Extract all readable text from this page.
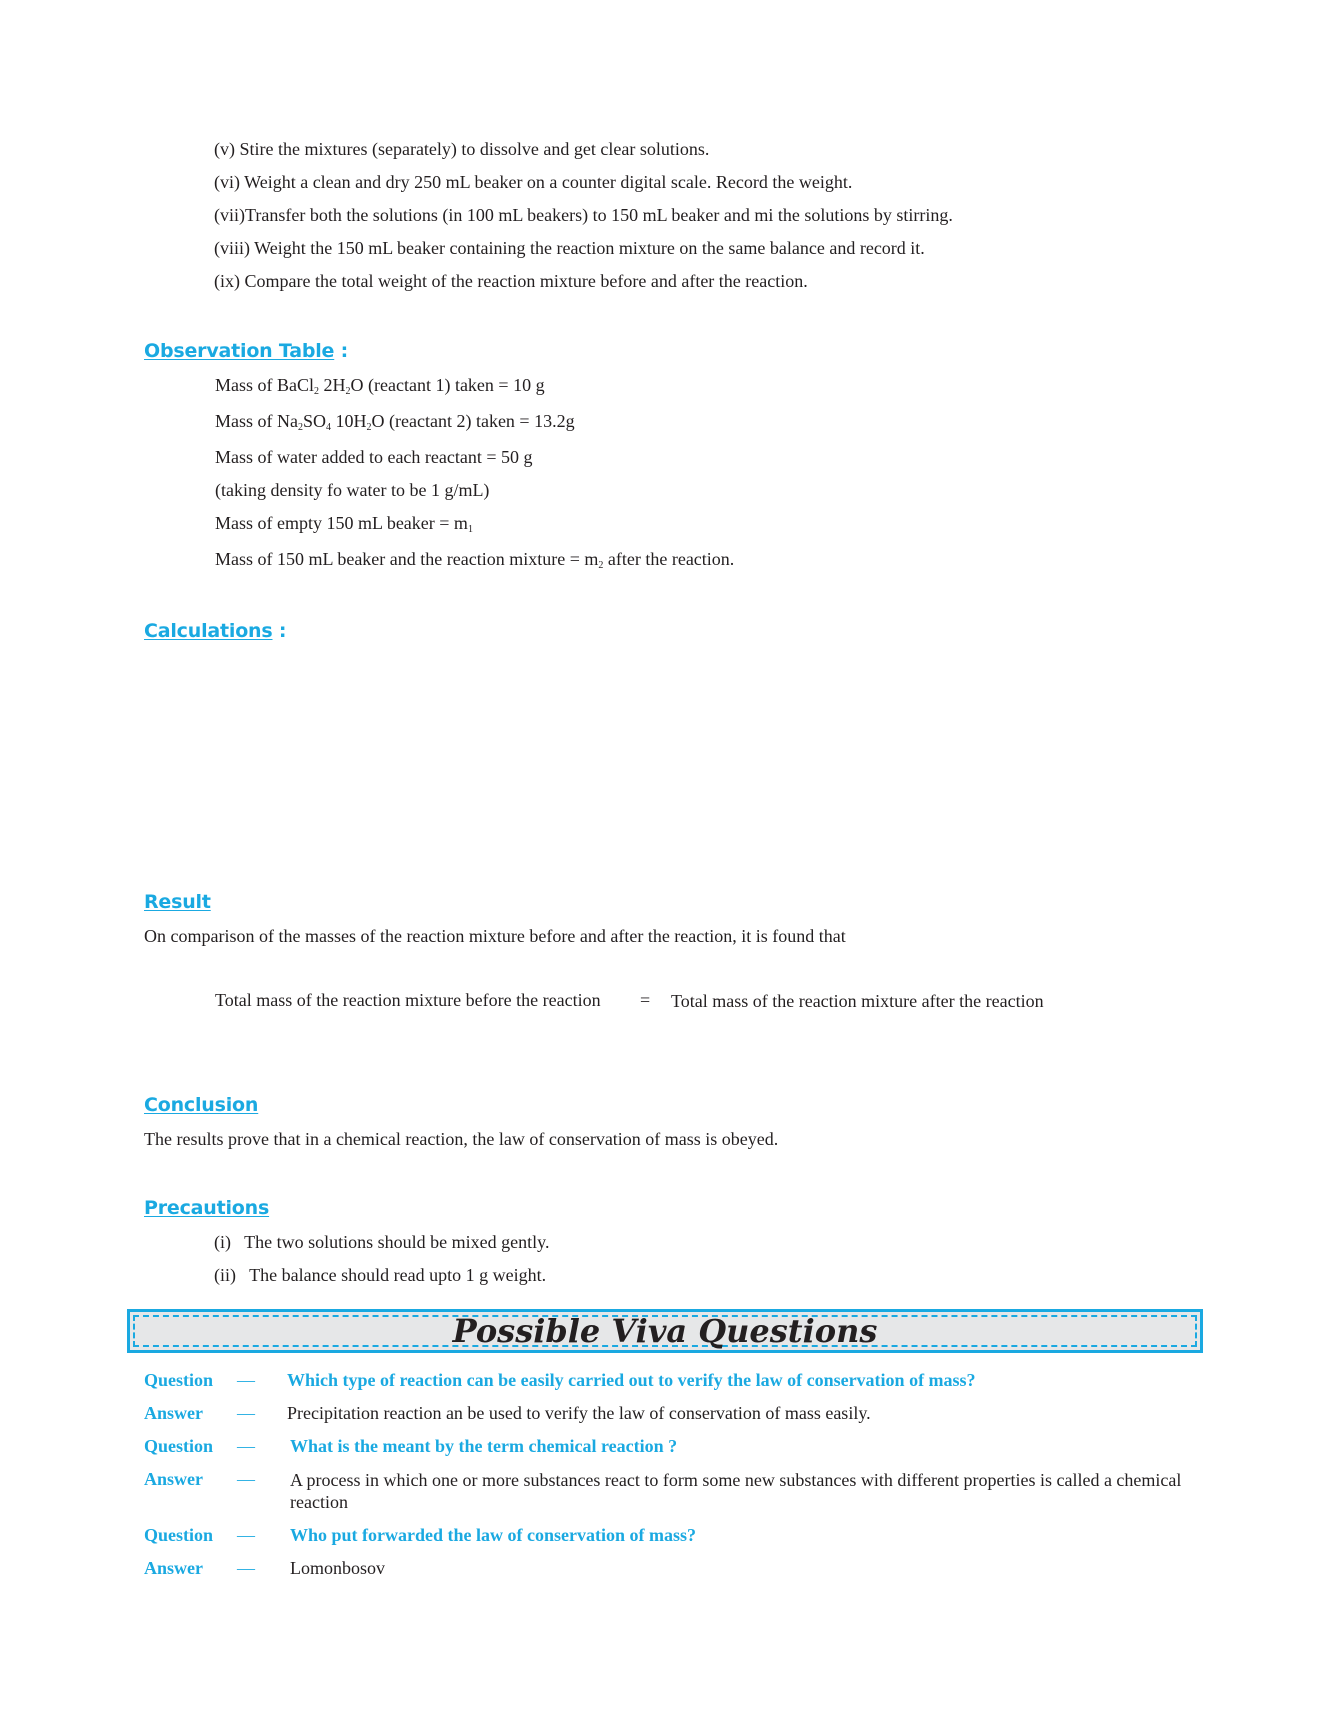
(v) Stire the mixtures (separately) to dissolve and get clear solutions.
(vi) Weight a clean and dry 250 mL beaker on a counter digital scale. Record the weight.
(vii)Transfer both the solutions (in 100 mL beakers) to 150 mL beaker and mi the solutions by stirring.
(viii) Weight the 150 mL beaker containing the reaction mixture on the same balance and record it.
(ix) Compare the total weight of the reaction mixture before and after the reaction.
Observation Table :
Mass of BaCl$_2$ $2H_2O$ (reactant 1) taken = 10 g
Mass of $Na_2SO_4$ $10H_2O$ (reactant 2) taken = 13.2g
Mass of water added to each reactant = 50 g
(taking density fo water to be 1 g/mL)
Mass of empty 150 mL beaker = $m_1$
Mass of 150 mL beaker and the reaction mixture = $m_2$ after the reaction.
Calculations :
Result
On comparison of the masses of the reaction mixture before and after the reaction, it is found that
Total mass of the reaction mixture before the reaction = Total mass of the reaction mixture after the reaction
Conclusion
The results prove that in a chemical reaction, the law of conservation of mass is obeyed.
Precautions
(i)   The two solutions should be mixed gently.
(ii)   The balance should read upto 1 g weight.
Possible Viva Questions
Question — Which type of reaction can be easily carried out to verify the law of conservation of mass?
Answer — Precipitation reaction an be used to verify the law of conservation of mass easily.
Question — What is the meant by the term chemical reaction ?
Answer — A process in which one or more substances react to form some new substances with different properties is called a chemical reaction
Question — Who put forwarded the law of conservation of mass?
Answer — Lomonbosov
